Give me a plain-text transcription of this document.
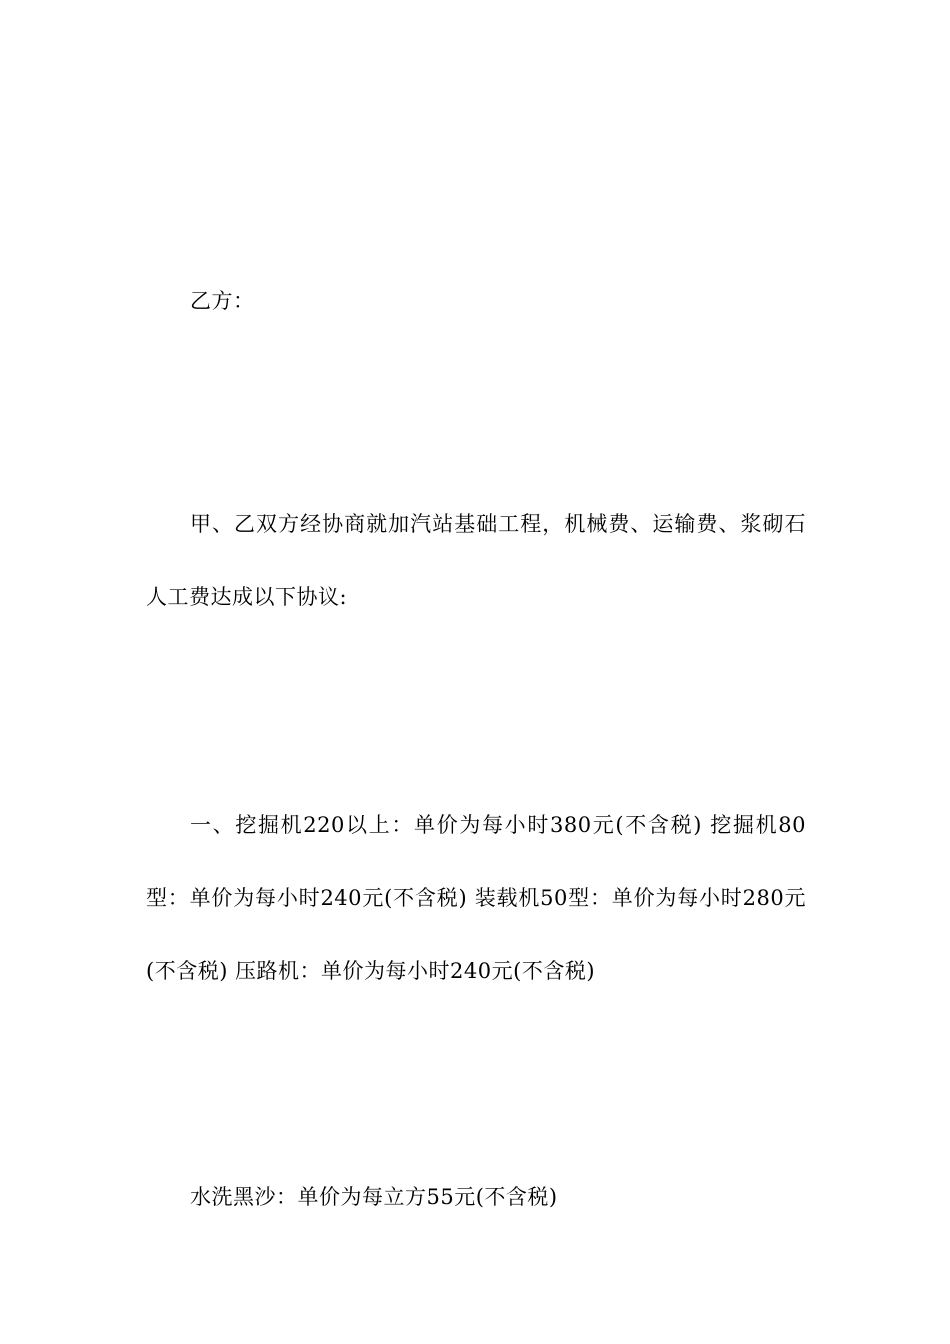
乙方：

甲、乙双方经协商就加汽站基础工程，机械费、运输费、浆砌石人工费达成以下协议:

一、挖掘机220以上：单价为每小时380元(不含税) 挖掘机80型：单价为每小时240元(不含税) 装载机50型：单价为每小时280元(不含税) 压路机：单价为每小时240元(不含税)

水洗黑沙：单价为每立方55元(不含税)
